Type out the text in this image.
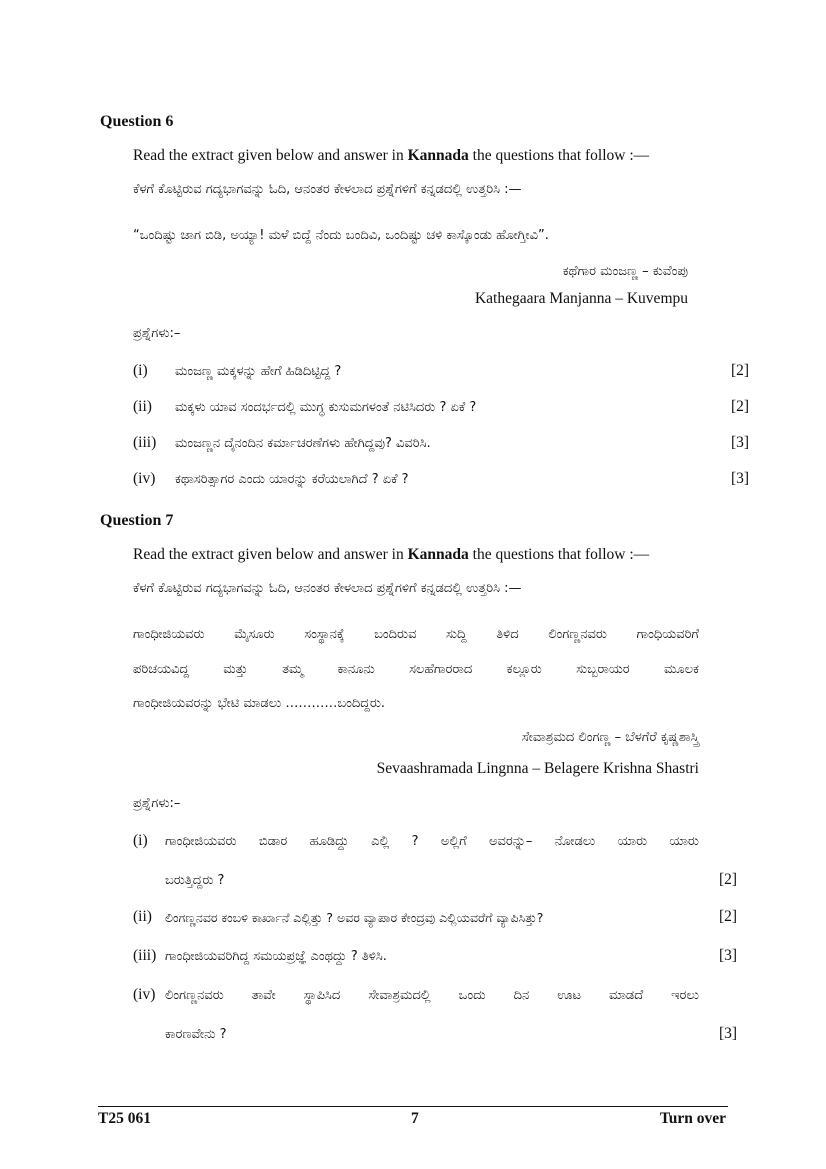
Question 6
Read the extract given below and answer in Kannada the questions that follow :—
ಕೆಳಗೆ ಕೊಟ್ಟಿರುವ ಗದ್ಯಭಾಗವನ್ನು ಓದಿ, ಆನಂತರ ಕೇಳಲಾದ ಪ್ರಶ್ನೆಗಳಿಗೆ ಕನ್ನಡದಲ್ಲಿ ಉತ್ತರಿಸಿ :—
“ಒಂದಿಷ್ಟು ಜಾಗ ಬಿಡಿ, ಅಯ್ಯಾ! ಮಳೆ ಬಿದ್ದೆ ನೆಂದು ಬಂದಿವಿ, ಒಂದಿಷ್ಟು ಚಳಿ ಕಾಸ್ಕೊಂಡು ಹೋಗ್ತೀವಿ”.
ಕಥೆಗಾರ ಮಂಜಣ್ಣ – ಕುವೆಂಪು
Kathegaara Manjanna – Kuvempu
ಪ್ರಶ್ನೆಗಳು:–
(i) ಮಂಜಣ್ಣ ಮಕ್ಕಳನ್ನು ಹೇಗೆ ಹಿಡಿದಿಟ್ಟಿದ್ದ ?	[2]
(ii) ಮಕ್ಕಳು ಯಾವ ಸಂದರ್ಭದಲ್ಲಿ ಮುಗ್ಧ ಕುಸುಮಗಳಂತೆ ನಟಿಸಿದರು ? ಏಕೆ ?	[2]
(iii) ಮಂಜಣ್ಣನ ದೈನಂದಿನ ಕರ್ಮಾಚರಣೆಗಳು ಹೇಗಿದ್ದವು? ವಿವರಿಸಿ.	[3]
(iv) ಕಥಾಸರಿತ್ಸಾಗರ ಎಂದು ಯಾರನ್ನು ಕರೆಯಲಾಗಿದೆ ? ಏಕೆ ?	[3]
Question 7
Read the extract given below and answer in Kannada the questions that follow :—
ಕೆಳಗೆ ಕೊಟ್ಟಿರುವ ಗದ್ಯಭಾಗವನ್ನು ಓದಿ, ಆನಂತರ ಕೇಳಲಾದ ಪ್ರಶ್ನೆಗಳಿಗೆ ಕನ್ನಡದಲ್ಲಿ ಉತ್ತರಿಸಿ :—
ಗಾಂಧೀಜಿಯವರು ಮೈಸೂರು ಸಂಸ್ಥಾನಕ್ಕೆ ಬಂದಿರುವ ಸುದ್ದಿ ತಿಳಿದ ಲಿಂಗಣ್ಣನವರು ಗಾಂಧಿಯವರಿಗೆ
ಪರಿಚಯವಿದ್ದ	ಮತ್ತು	ತಮ್ಮ	ಕಾನೂನು	ಸಲಹೆಗಾರರಾದ	ಕಲ್ಲೂರು	ಸುಬ್ಬರಾಯರ	ಮೂಲಕ
ಗಾಂಧೀಜಿಯವರನ್ನು ಭೇಟಿ ಮಾಡಲು …………ಬಂದಿದ್ದರು.
ಸೇವಾಶ್ರಮದ ಲಿಂಗಣ್ಣ – ಬೆಳಗೆರೆ ಕೃಷ್ಣಶಾಸ್ತ್ರಿ
Sevaashramada Lingnna – Belagere Krishna Shastri
ಪ್ರಶ್ನೆಗಳು:–
(i) ಗಾಂಧೀಜಿಯವರು ಬಿಡಾರ ಹೂಡಿದ್ದು ಎಲ್ಲಿ ? ಅಲ್ಲಿಗೆ ಅವರನ್ನು– ನೋಡಲು ಯಾರು ಯಾರು
ಬರುತ್ತಿದ್ದರು ?	[2]
(ii) ಲಿಂಗಣ್ಣನವರ ಕಂಬಳಿ ಕಾರ್ಖಾನೆ ಎಲ್ಲಿತ್ತು ? ಅವರ ವ್ಯಾಪಾರ ಕೇಂದ್ರವು ಎಲ್ಲಿಯವರೆಗೆ ವ್ಯಾಪಿಸಿತ್ತು?	[2]
(iii) ಗಾಂಧೀಜಿಯವರಿಗಿದ್ದ ಸಮಯಪ್ರಜ್ಞೆ ಎಂಥದ್ದು ? ತಿಳಿಸಿ.	[3]
(iv) ಲಿಂಗಣ್ಣನವರು ತಾವೇ ಸ್ಥಾಪಿಸಿದ ಸೇವಾಶ್ರಮದಲ್ಲಿ ಒಂದು ದಿನ ಊಟ ಮಾಡದೆ ಇರಲು
ಕಾರಣವೇನು ?	[3]
T25 061	7	Turn over
